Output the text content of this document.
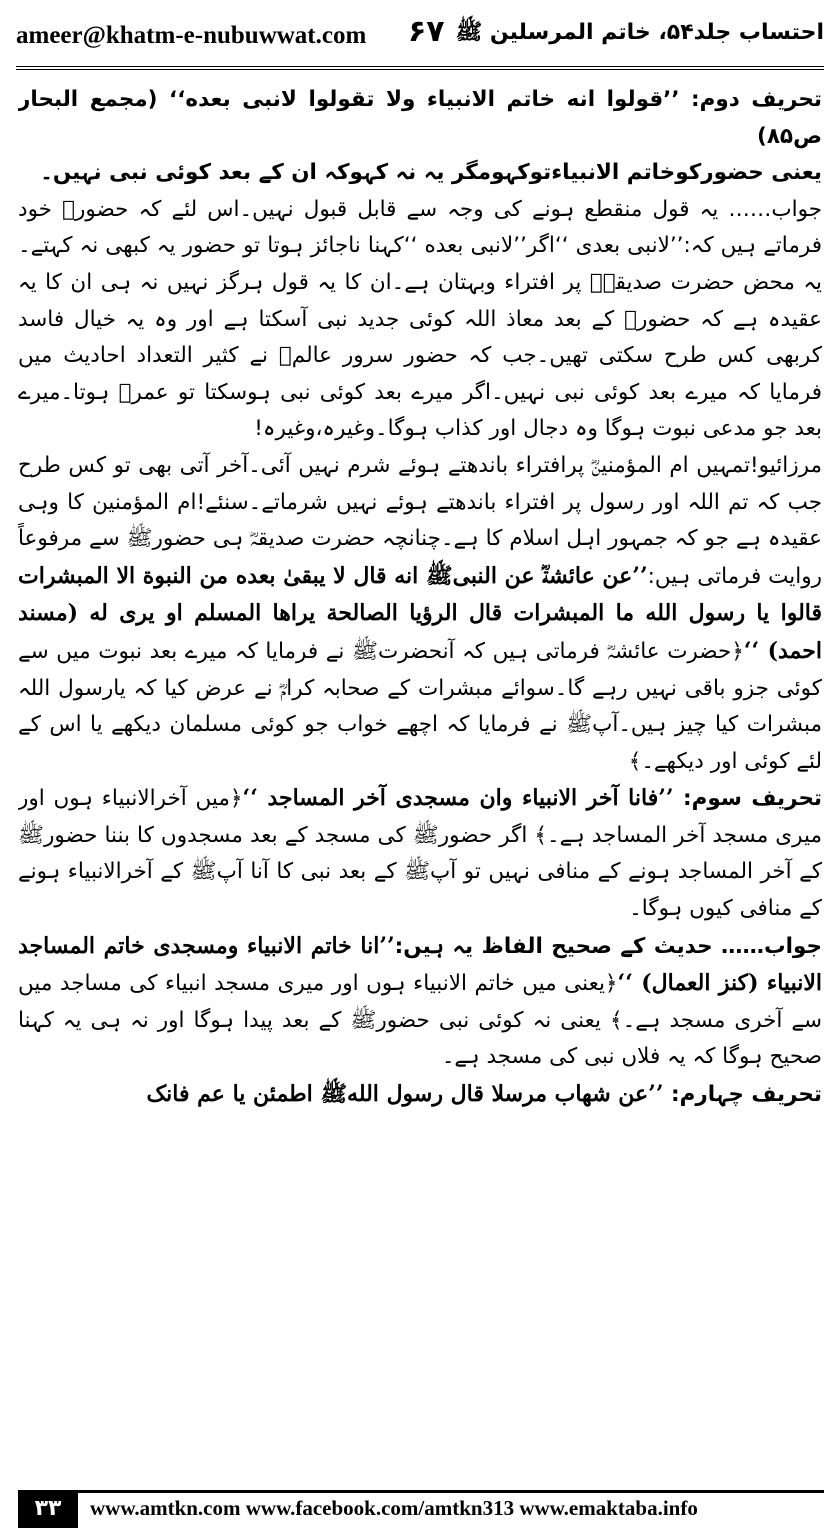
ameer@khatm-e-nubuwwat.com ۶۷ احتساب جلد۵۴، خاتم المرسلین ﷺ

تحریف دوم: ’’قولوا انه خاتم الانبیاء ولا تقولوا لانبی بعده‘‘ (مجمع البحار ص۸۵)

یعنی حضورکوخاتم الانبیاءتوکہومگر یہ نہ کہوکہ ان کے بعد کوئی نبی نہیں۔

جواب…… یہ قول منقطع ہونے کی وجہ سے قابل قبول نہیں۔اس لئے کہ حضورﷺ خود فرماتے ہیں کہ:’’لانبی بعدی ‘‘اگر’’لانبی بعده ‘‘کہنا ناجائز ہوتا تو حضور یہ کبھی نہ کہتے۔یہ محض حضرت صدیقہؓ پر افتراء وبہتان ہے۔ان کا یہ قول ہرگز نہیں نہ ہی ان کا یہ عقیدہ ہے کہ حضورﷺ کے بعد معاذ اللہ کوئی جدید نبی آسکتا ہے اور وہ یہ خیال فاسد کربھی کس طرح سکتی تھیں۔جب کہ حضور سرور عالمﷺ نے کثیر التعداد احادیث میں فرمایا کہ میرے بعد کوئی نبی نہیں۔اگر میرے بعد کوئی نبی ہوسکتا تو عمرؓ ہوتا۔میرے بعد جو مدعی نبوت ہوگا وہ دجال اور کذاب ہوگا۔وغیرہ،وغیرہ!

مرزائیو!تمہیں ام المؤمنینؓ پرافتراء باندھتے ہوئے شرم نہیں آئی۔آخر آتی بھی تو کس طرح جب کہ تم اللہ اور رسول پر افتراء باندھتے ہوئے نہیں شرماتے۔سنئے!ام المؤمنین کا وہی عقیدہ ہے جو کہ جمہور اہل اسلام کا ہے۔چنانچہ حضرت صدیقہؓ ہی حضورﷺ سے مرفوعاً روایت فرماتی ہیں:’’عن عائشةؓ عن النبیﷺ انه قال لا یبقیٰ بعده من النبوة الا المبشرات قالوا یا رسول الله ما المبشرات قال الرؤیا الصالحة یراها المسلم او یری له (مسند احمد) ‘‘﴿حضرت عائشہؓ فرماتی ہیں کہ آنحضرتﷺ نے فرمایا کہ میرے بعد نبوت میں سے کوئی جزو باقی نہیں رہے گا۔سوائے مبشرات کے صحابہ کرامؓ نے عرض کیا کہ یارسول اللہ مبشرات کیا چیز ہیں۔آپﷺ نے فرمایا کہ اچھے خواب جو کوئی مسلمان دیکھے یا اس کے لئے کوئی اور دیکھے۔﴾

تحریف سوم: ’’فانا آخر الانبیاء وان مسجدی آخر المساجد ‘‘﴿میں آخرالانبیاء ہوں اور میری مسجد آخر المساجد ہے۔﴾ اگر حضورﷺ کی مسجد کے بعد مسجدوں کا بننا حضورﷺ کے آخر المساجد ہونے کے منافی نہیں تو آپﷺ کے بعد نبی کا آنا آپﷺ کے آخرالانبیاء ہونے کے منافی کیوں ہوگا۔

جواب…… حدیث کے صحیح الفاظ یہ ہیں:’’انا خاتم الانبیاء ومسجدی خاتم المساجد الانبیاء (کنز العمال) ‘‘﴿یعنی میں خاتم الانبیاء ہوں اور میری مسجد انبیاء کی مساجد میں سے آخری مسجد ہے۔﴾ یعنی نہ کوئی نبی حضورﷺ کے بعد پیدا ہوگا اور نہ ہی یہ کہنا صحیح ہوگا کہ یہ فلاں نبی کی مسجد ہے۔

تحریف چہارم: ’’عن شهاب مرسلا قال رسول اللهﷺ اطمئن یا عم فانک

۳۳	www.amtkn.com www.facebook.com/amtkn313 www.emaktaba.info
